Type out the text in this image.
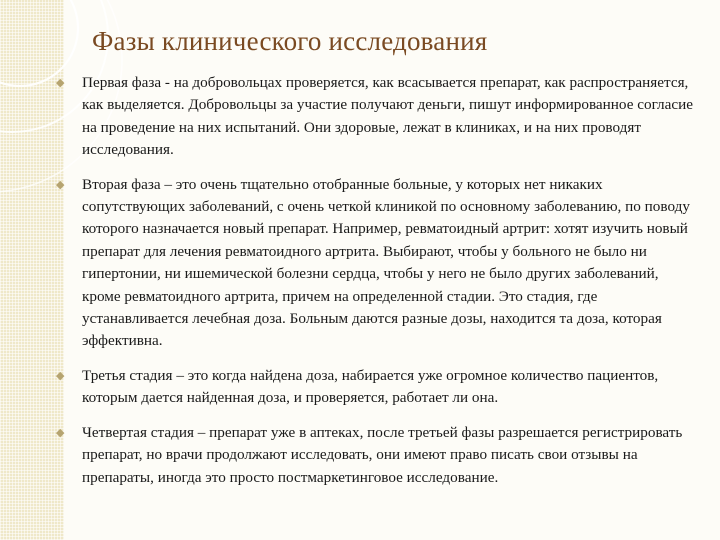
Фазы клинического исследования
◆ Первая фаза - на добровольцах проверяется, как всасывается препарат, как распространяется, как выделяется. Добровольцы за участие получают деньги, пишут информированное согласие на проведение на них испытаний. Они здоровые, лежат в клиниках, и на них проводят исследования.
◆ Вторая фаза – это очень тщательно отобранные больные, у которых нет никаких сопутствующих заболеваний, с очень четкой клиникой по основному заболеванию, по поводу которого назначается новый препарат. Например, ревматоидный артрит: хотят изучить новый препарат для лечения ревматоидного артрита. Выбирают, чтобы у больного не было ни гипертонии, ни ишемической болезни сердца, чтобы у него не было других заболеваний, кроме ревматоидного артрита, причем на определенной стадии. Это стадия, где устанавливается лечебная доза. Больным даются разные дозы, находится та доза, которая эффективна.
◆ Третья стадия – это когда найдена доза, набирается уже огромное количество пациентов, которым дается найденная доза, и проверяется, работает ли она.
◆ Четвертая стадия – препарат уже в аптеках, после третьей фазы разрешается регистрировать препарат, но врачи продолжают исследовать, они имеют право писать свои отзывы на препараты, иногда это просто постмаркетинговое исследование.
